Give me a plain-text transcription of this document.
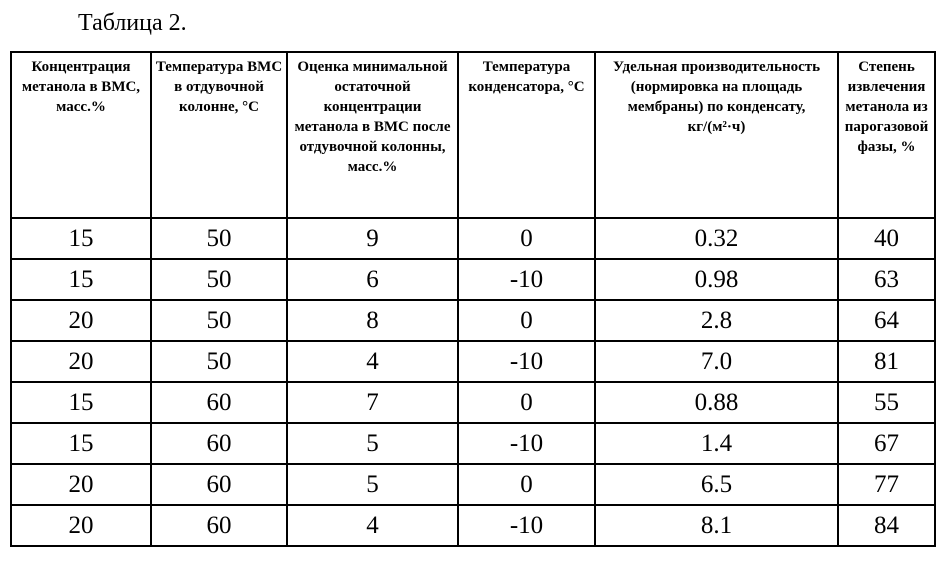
Таблица 2.
Концентрация метанола в ВМС, масс.%	Температура ВМС в отдувочной колонне, °С	Оценка минимальной остаточной концентрации метанола в ВМС после отдувочной колонны, масс.%	Температура конденсатора, °С	Удельная производительность (нормировка на площадь мембраны) по конденсату, кг/(м²·ч)	Степень извлечения метанола из парогазовой фазы, %
15	50	9	0	0.32	40
15	50	6	-10	0.98	63
20	50	8	0	2.8	64
20	50	4	-10	7.0	81
15	60	7	0	0.88	55
15	60	5	-10	1.4	67
20	60	5	0	6.5	77
20	60	4	-10	8.1	84
